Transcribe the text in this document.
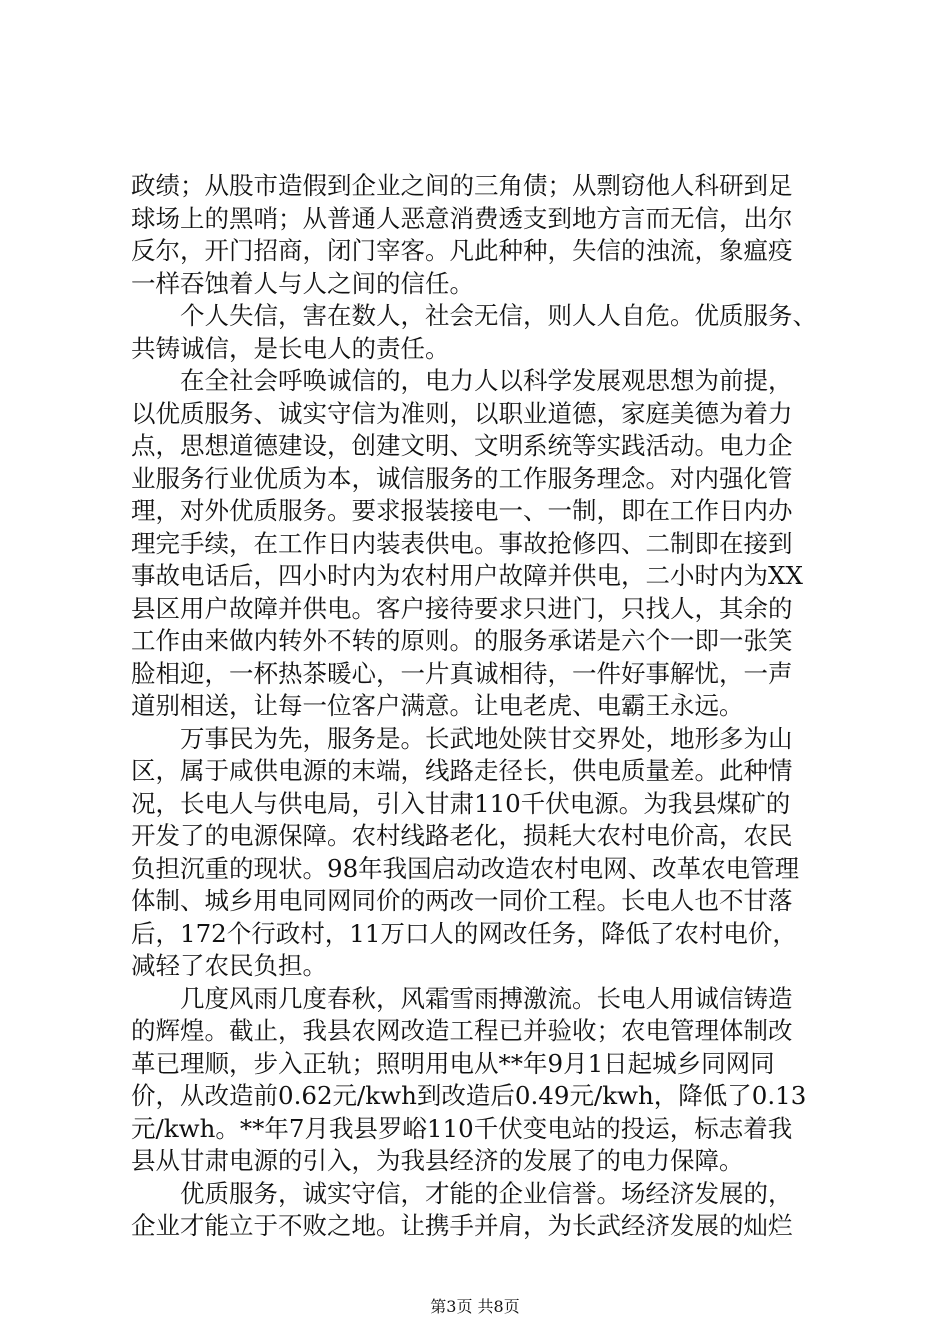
政绩；从股市造假到企业之间的三角债；从剽窃他人科研到足
球场上的黑哨；从普通人恶意消费透支到地方言而无信，出尔
反尔，开门招商，闭门宰客。凡此种种，失信的浊流，象瘟疫
一样吞蚀着人与人之间的信任。
　　个人失信，害在数人，社会无信，则人人自危。优质服务、
共铸诚信，是长电人的责任。
　　在全社会呼唤诚信的，电力人以科学发展观思想为前提，
以优质服务、诚实守信为准则，以职业道德，家庭美德为着力
点，思想道德建设，创建文明、文明系统等实践活动。电力企
业服务行业优质为本，诚信服务的工作服务理念。对内强化管
理，对外优质服务。要求报装接电一、一制，即在工作日内办
理完手续，在工作日内装表供电。事故抢修四、二制即在接到
事故电话后，四小时内为农村用户故障并供电，二小时内为XX
县区用户故障并供电。客户接待要求只进门，只找人，其余的
工作由来做内转外不转的原则。的服务承诺是六个一即一张笑
脸相迎，一杯热茶暖心，一片真诚相待，一件好事解忧，一声
道别相送，让每一位客户满意。让电老虎、电霸王永远。
　　万事民为先，服务是。长武地处陕甘交界处，地形多为山
区，属于咸供电源的末端，线路走径长，供电质量差。此种情
况，长电人与供电局，引入甘肃110千伏电源。为我县煤矿的
开发了的电源保障。农村线路老化，损耗大农村电价高，农民
负担沉重的现状。98年我国启动改造农村电网、改革农电管理
体制、城乡用电同网同价的两改一同价工程。长电人也不甘落
后，172个行政村，11万口人的网改任务，降低了农村电价，
减轻了农民负担。
　　几度风雨几度春秋，风霜雪雨搏激流。长电人用诚信铸造
的辉煌。截止，我县农网改造工程已并验收；农电管理体制改
革已理顺，步入正轨；照明用电从**年9月1日起城乡同网同
价，从改造前0.62元/kwh到改造后0.49元/kwh，降低了0.13
元/kwh。**年7月我县罗峪110千伏变电站的投运，标志着我
县从甘肃电源的引入，为我县经济的发展了的电力保障。
　　优质服务，诚实守信，才能的企业信誉。场经济发展的，
企业才能立于不败之地。让携手并肩，为长武经济发展的灿烂
第3页 共8页
